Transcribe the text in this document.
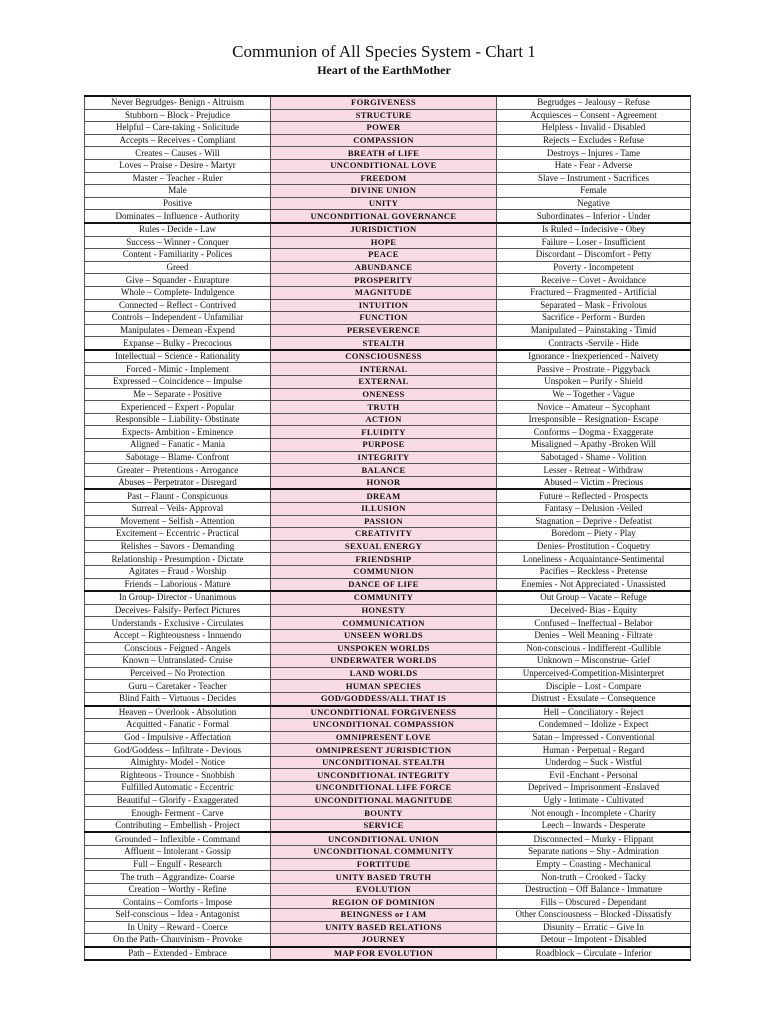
Communion of All Species System - Chart 1
Heart of the EarthMother
Never Begrudges- Benign - Altruism	FORGIVENESS	Begrudges – Jealousy – Refuse
Stubborn – Block - Prejudice	STRUCTURE	Acquiesces – Consent - Agreement
Helpful – Care-taking - Solicitude	POWER	Helpless - Invalid - Disabled
Accepts – Receives - Compliant	COMPASSION	Rejects – Excludes - Refuse
Creates – Causes - Will	BREATH of LIFE	Destroys – Injures - Tame
Loves – Praise - Desire - Martyr	UNCONDITIONAL LOVE	Hate - Fear - Adverse
Master – Teacher - Ruler	FREEDOM	Slave – Instrument - Sacrifices
Male	DIVINE UNION	Female
Positive	UNITY	Negative
Dominates – Influence - Authority	UNCONDITIONAL GOVERNANCE	Subordinates – Inferior - Under
Rules - Decide - Law	JURISDICTION	Is Ruled – Indecisive - Obey
Success – Winner - Conquer	HOPE	Failure – Loser - Insufficient
Content - Familiarity - Polices	PEACE	Discordant – Discomfort - Petty
Greed	ABUNDANCE	Poverty - Incompetent
Give – Squander - Enrapture	PROSPERITY	Receive – Covet - Avoidance
Whole – Complete- Indulgence	MAGNITUDE	Fractured – Fragmented - Artificial
Connected – Reflect - Contrived	INTUITION	Separated – Mask - Frivolous
Controls – Independent - Unfamiliar	FUNCTION	Sacrifice - Perform - Burden
Manipulates - Demean -Expend	PERSEVERENCE	Manipulated – Painstaking - Timid
Expanse – Bulky - Precocious	STEALTH	Contracts -Servile - Hide
Intellectual – Science - Rationality	CONSCIOUSNESS	Ignorance - Inexperienced - Naivety
Forced - Mimic - Implement	INTERNAL	Passive – Prostrate - Piggyback
Expressed – Coincidence – Impulse	EXTERNAL	Unspoken – Purify - Shield
Me – Separate - Positive	ONENESS	We – Together - Vague
Experienced – Expert - Popular	TRUTH	Novice – Amateur – Sycophant
Responsible – Liability- Obstinate	ACTION	Irresponsible – Resignation- Escape
Expects- Ambition - Eminence	FLUIDITY	Conforms – Dogma - Exaggerate
Aligned – Fanatic - Mania	PURPOSE	Misaligned – Apathy -Broken Will
Sabotage – Blame- Confront	INTEGRITY	Sabotaged - Shame - Volition
Greater – Pretentious - Arrogance	BALANCE	Lesser - Retreat - Withdraw
Abuses – Perpetrator - Disregard	HONOR	Abused – Victim - Precious
Past – Flaunt - Conspicuous	DREAM	Future – Reflected - Prospects
Surreal – Veils- Approval	ILLUSION	Fantasy – Delusion -Veiled
Movement – Selfish - Attention	PASSION	Stagnation – Deprive - Defeatist
Excitement – Eccentric - Practical	CREATIVITY	Boredom – Piety - Play
Relishes – Savors - Demanding	SEXUAL ENERGY	Denies- Prostitution - Coquetry
Relationship - Presumption - Dictate	FRIENDSHIP	Loneliness - Acquaintance-Sentimental
Agitates – Fraud - Worship	COMMUNION	Pacifies – Reckless - Pretense
Friends – Laborious - Mature	DANCE OF LIFE	Enemies - Not Appreciated - Unassisted
In Group- Director - Unanimous	COMMUNITY	Out Group – Vacate – Refuge
Deceives- Falsify- Perfect Pictures	HONESTY	Deceived- Bias - Equity
Understands - Exclusive - Circulates	COMMUNICATION	Confused – Ineffectual - Belabor
Accept – Righteousness - Innuendo	UNSEEN WORLDS	Denies – Well Meaning - Filtrate
Conscious - Feigned - Angels	UNSPOKEN WORLDS	Non-conscious - Indifferent -Gullible
Known – Untranslated- Cruise	UNDERWATER WORLDS	Unknown – Misconstrue- Grief
Perceived – No Protection	LAND WORLDS	Unperceived-Competition-Misinterpret
Guru – Caretaker - Teacher	HUMAN SPECIES	Disciple – Lost - Compare
Blind Faith – Virtuous - Decides	GOD/GODDESS/ALL THAT IS	Distrust - Exsulate – Consequence
Heaven – Overlook - Absolution	UNCONDITIONAL FORGIVENESS	Hell – Conciliatory - Reject
Acquitted - Fanatic - Formal	UNCONDITIONAL COMPASSION	Condemned – Idolize - Expect
God - Impulsive - Affectation	OMNIPRESENT LOVE	Satan – Impressed - Conventional
God/Goddess – Infiltrate - Devious	OMNIPRESENT JURISDICTION	Human - Perpetual - Regard
Almighty- Model - Notice	UNCONDITIONAL STEALTH	Underdog – Suck - Wistful
Righteous - Trounce - Snobbish	UNCONDITIONAL INTEGRITY	Evil -Enchant - Personal
Fulfilled Automatic - Eccentric	UNCONDITIONAL LIFE FORCE	Deprived – Imprisonment -Enslaved
Beautiful – Glorify - Exaggerated	UNCONDITIONAL MAGNITUDE	Ugly - Intimate - Cultivated
Enough- Ferment - Carve	BOUNTY	Not enough - Incomplete - Charity
Contributing – Embellish - Project	SERVICE	Leech – Inwards - Desperate
Grounded – Inflexible - Command	UNCONDITIONAL UNION	Disconnected – Murky - Flippant
Affluent – Intolerant - Gossip	UNCONDITIONAL COMMUNITY	Separate nations – Shy - Admiration
Full – Engulf - Research	FORTITUDE	Empty – Coasting - Mechanical
The truth – Aggrandize- Coarse	UNITY BASED TRUTH	Non-truth – Crooked - Tacky
Creation – Worthy - Refine	EVOLUTION	Destruction – Off Balance - Immature
Contains – Comforts - Impose	REGION OF DOMINION	Fills – Obscured - Dependant
Self-conscious – Idea - Antagonist	BEINGNESS or I AM	Other Consciousness – Blocked -Dissatisfy
In Unity – Reward - Coerce	UNITY BASED RELATIONS	Disunity – Erratic – Give In
On the Path- Chauvinism - Provoke	JOURNEY	Detour – Impotent - Disabled
Path – Extended - Embrace	MAP FOR EVOLUTION	Roadblock – Circulate - Inferior
